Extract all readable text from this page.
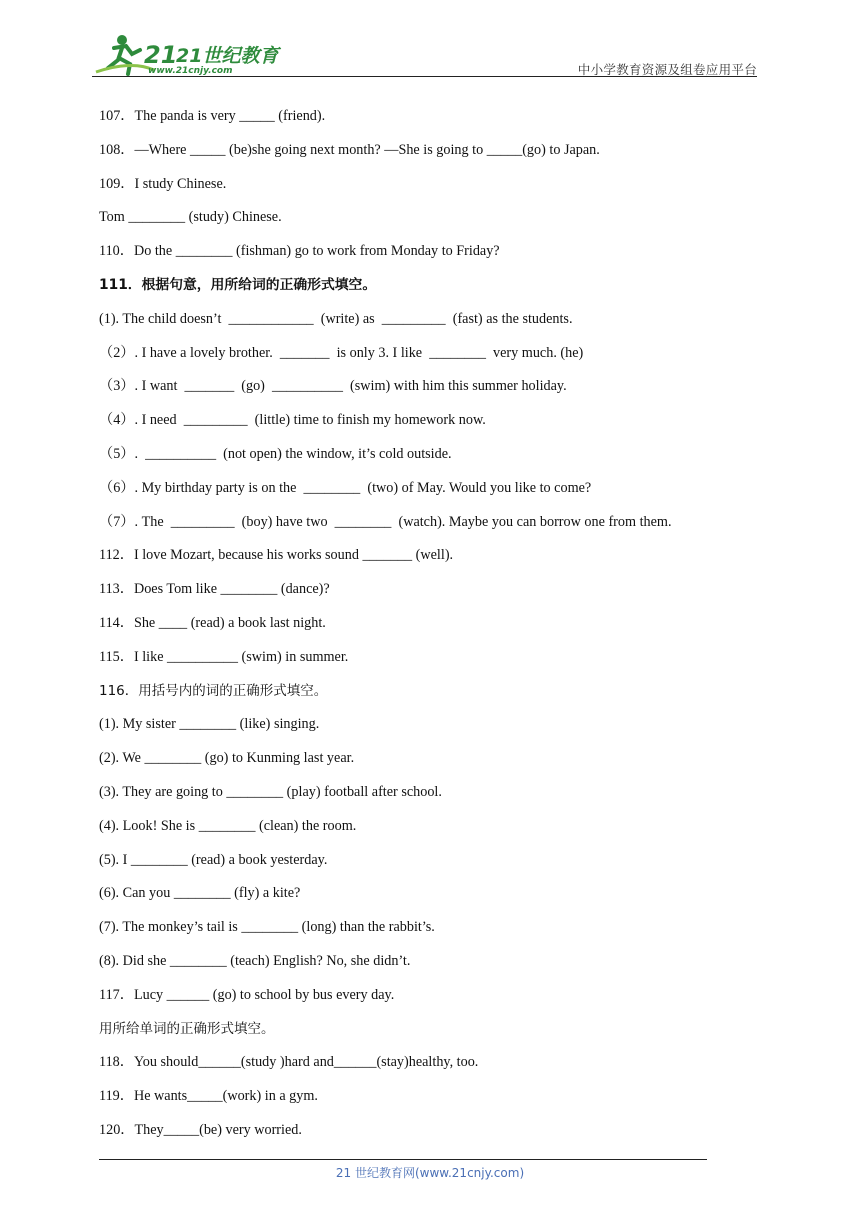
21
21世纪教育
www.21cnjy.com	中小学教育资源及组卷应用平台
107．The panda is very _____ (friend).
108．—Where _____ (be)she going next month? —She is going to _____(go) to Japan.
109．I study Chinese.
Tom ________ (study) Chinese.
110．Do the ________ (fishman) go to work from Monday to Friday?
111．根据句意，用所给词的正确形式填空。
(1). The child doesn’t  ____________  (write) as  _________  (fast) as the students.
（2）. I have a lovely brother.  _______  is only 3. I like  ________  very much. (he)
（3）. I want  _______  (go)  __________  (swim) with him this summer holiday.
（4）. I need  _________  (little) time to finish my homework now.
（5）.  __________  (not open) the window, it’s cold outside.
（6）. My birthday party is on the  ________  (two) of May. Would you like to come?
（7）. The  _________  (boy) have two  ________  (watch). Maybe you can borrow one from them.
112．I love Mozart, because his works sound _______ (well).
113．Does Tom like ________ (dance)?
114．She ____ (read) a book last night.
115．I like __________ (swim) in summer.
116．用括号内的词的正确形式填空。
(1). My sister ________ (like) singing.
(2). We ________ (go) to Kunming last year.
(3). They are going to ________ (play) football after school.
(4). Look! She is ________ (clean) the room.
(5). I ________ (read) a book yesterday.
(6). Can you ________ (fly) a kite?
(7). The monkey’s tail is ________ (long) than the rabbit’s.
(8). Did she ________ (teach) English? No, she didn’t.
117．Lucy ______ (go) to school by bus every day.
用所给单词的正确形式填空。
118．You should______(study )hard and______(stay)healthy, too.
119．He wants_____(work) in a gym.
120．They_____(be) very worried.
21 世纪教育网(www.21cnjy.com)
